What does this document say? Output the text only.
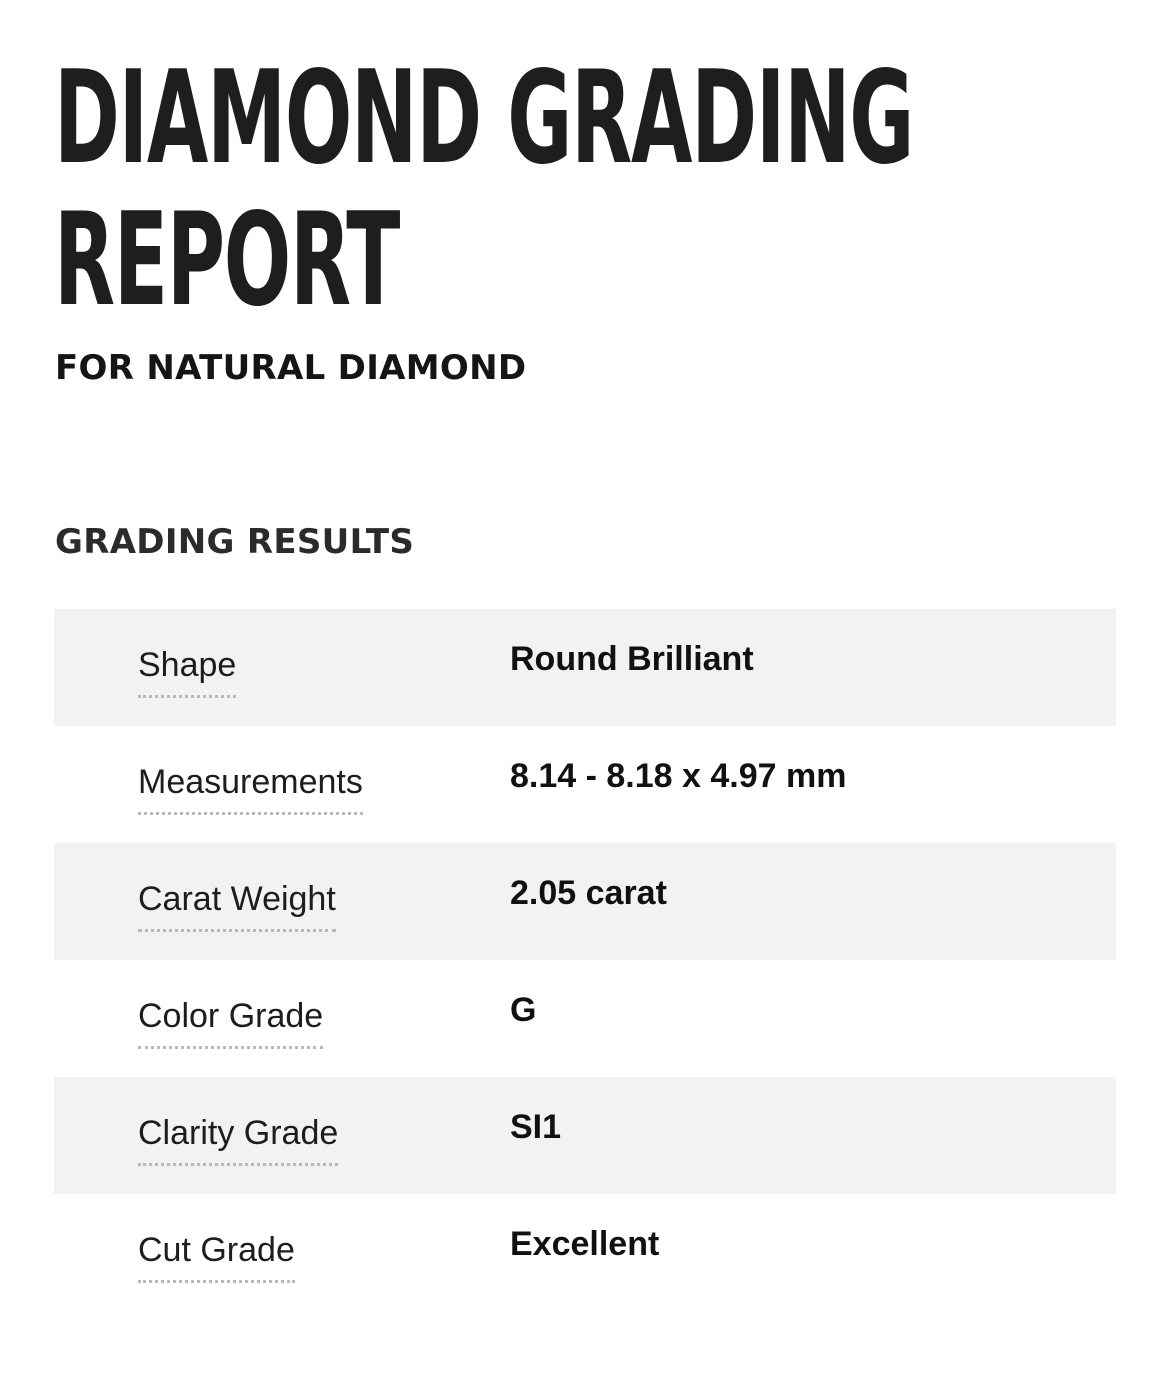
DIAMOND GRADING
REPORT
FOR NATURAL DIAMOND
GRADING RESULTS
Shape	Round Brilliant
Measurements	8.14 - 8.18 x 4.97 mm
Carat Weight	2.05 carat
Color Grade	G
Clarity Grade	SI1
Cut Grade	Excellent
